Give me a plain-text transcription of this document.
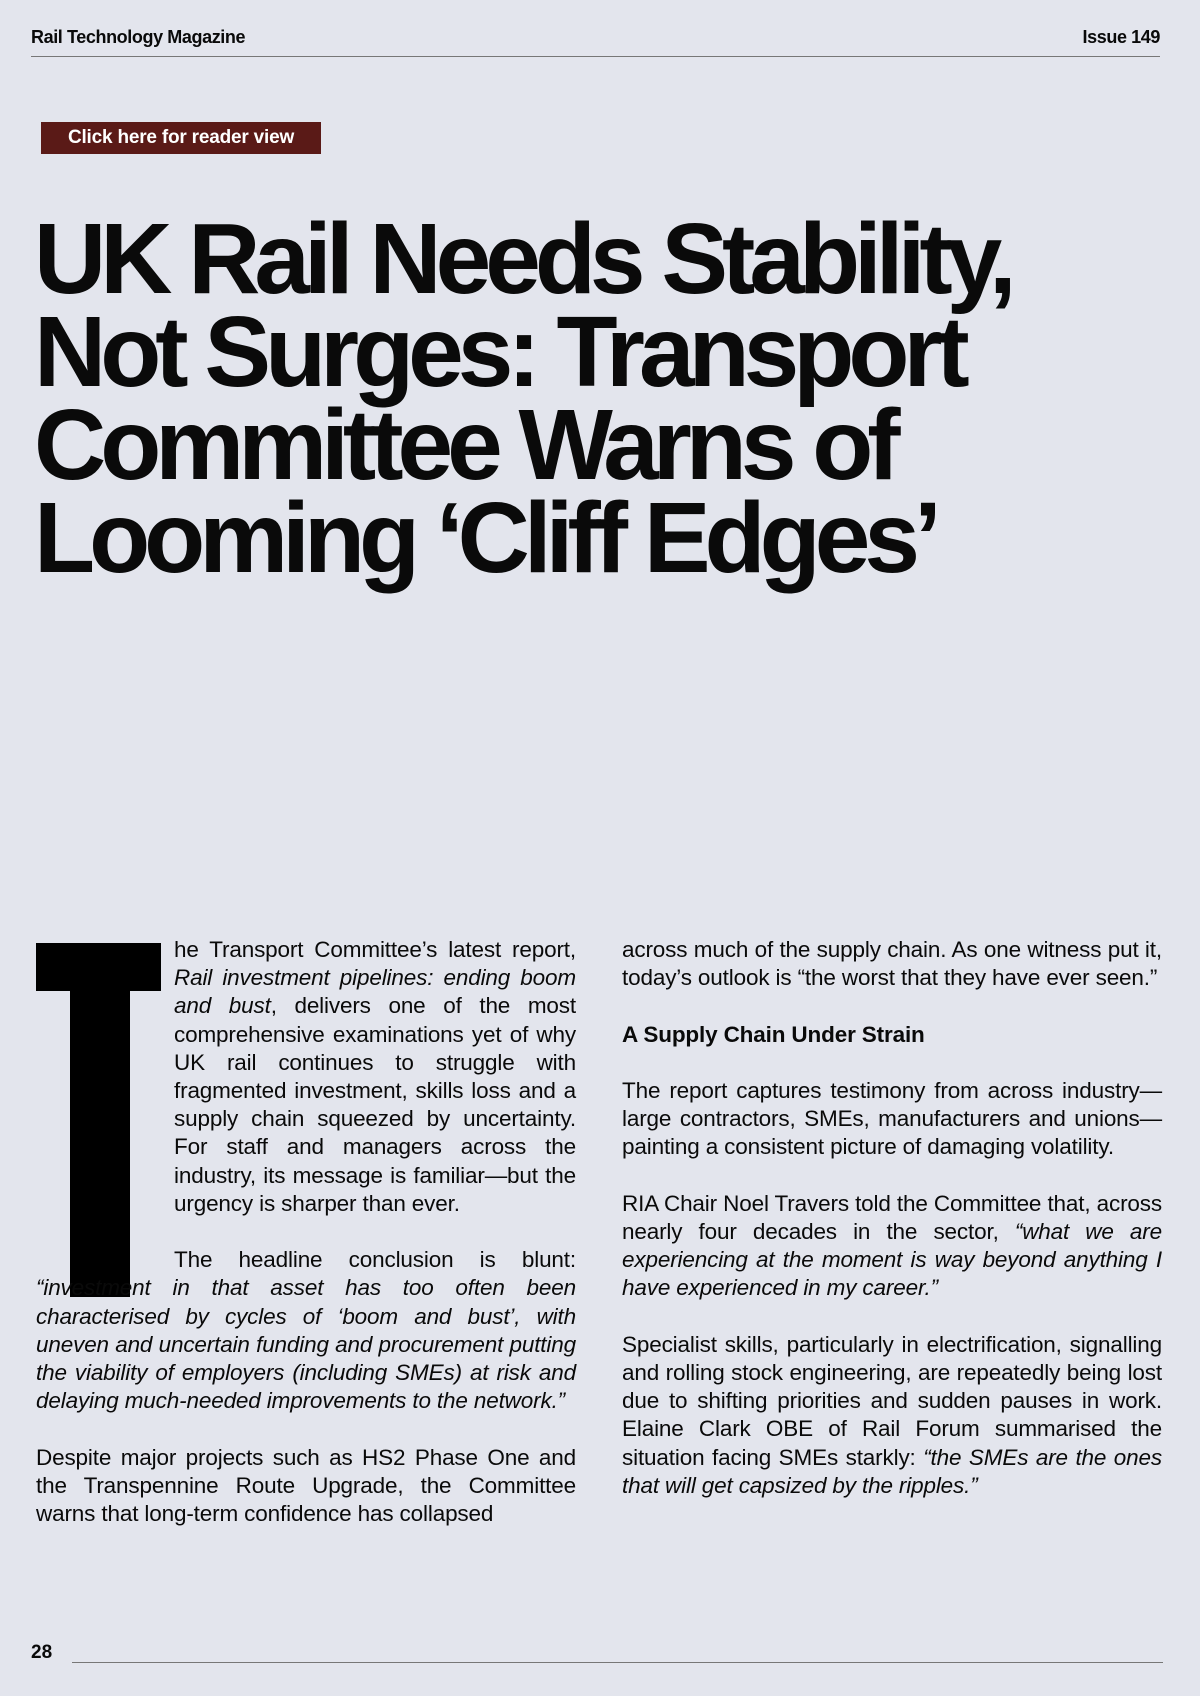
Rail Technology Magazine	Issue 149
Click here for reader view
UK Rail Needs Stability,
Not Surges: Transport
Committee Warns of
Looming ‘Cliff Edges’

he Transport Committee’s latest report, Rail investment pipelines: ending boom and bust, delivers one of the most comprehensive examinations yet of why UK rail continues to struggle with fragmented investment, skills loss and a supply chain squeezed by uncertainty. For staff and managers across the industry, its message is familiar—but the urgency is sharper than ever.

The headline conclusion is blunt: “investment in that asset has too often been characterised by cycles of ‘boom and bust’, with uneven and uncertain funding and procurement putting the viability of employers (including SMEs) at risk and delaying much-needed improvements to the network.”

Despite major projects such as HS2 Phase One and the Transpennine Route Upgrade, the Committee warns that long-term confidence has collapsed

across much of the supply chain. As one witness put it, today’s outlook is “the worst that they have ever seen.”

A Supply Chain Under Strain

The report captures testimony from across industry—large contractors, SMEs, manufacturers and unions—painting a consistent picture of damaging volatility.

RIA Chair Noel Travers told the Committee that, across nearly four decades in the sector, “what we are experiencing at the moment is way beyond anything I have experienced in my career.”

Specialist skills, particularly in electrification, signalling and rolling stock engineering, are repeatedly being lost due to shifting priorities and sudden pauses in work. Elaine Clark OBE of Rail Forum summarised the situation facing SMEs starkly: “the SMEs are the ones that will get capsized by the ripples.”

28
